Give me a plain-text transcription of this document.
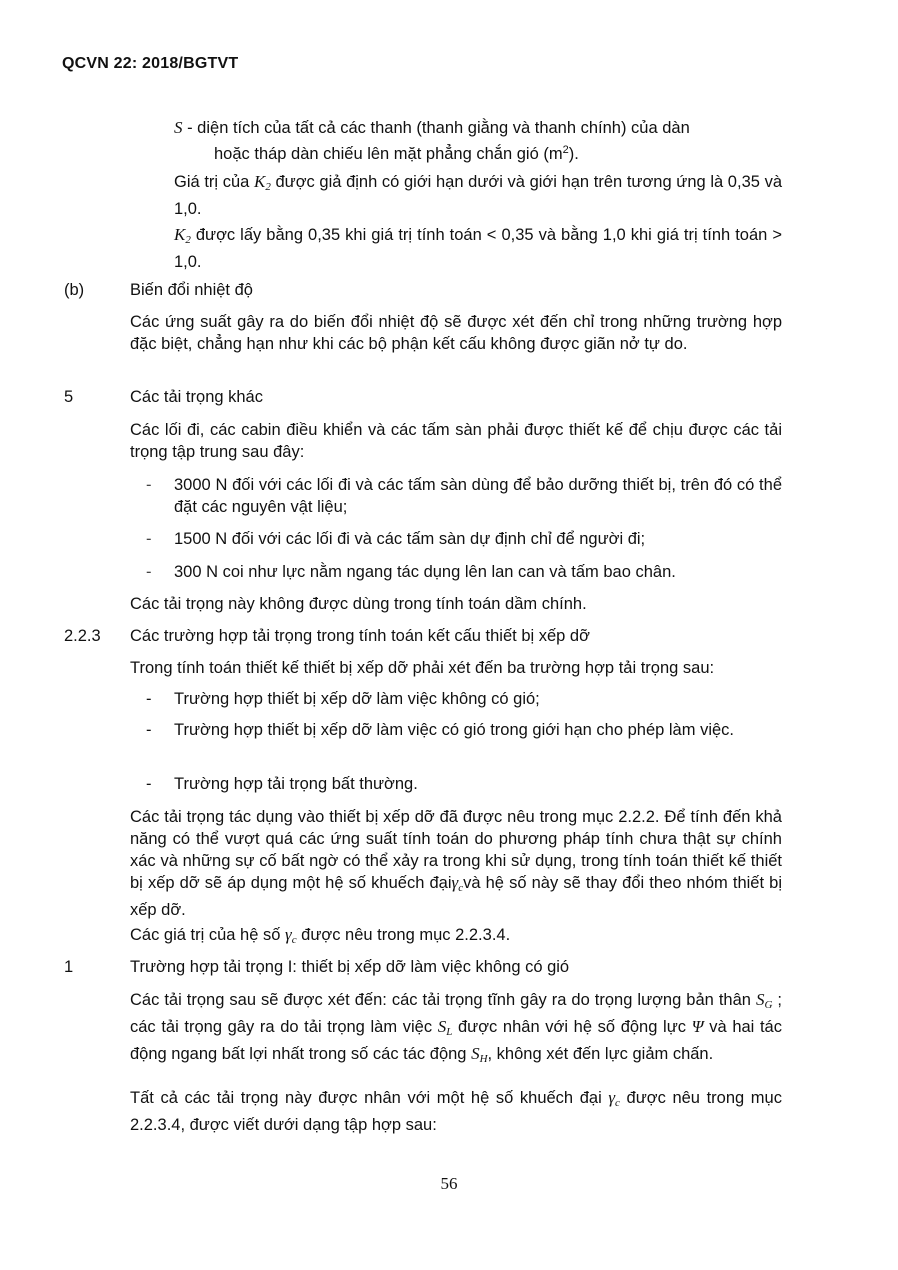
QCVN 22: 2018/BGTVT
S - diện tích của tất cả các thanh (thanh giằng và thanh chính) của dàn
hoặc tháp dàn chiếu lên mặt phẳng chắn gió $(m^2)$.
Giá trị của $K_2$ được giả định có giới hạn dưới và giới hạn trên tương ứng là 0,35 và 1,0.
$K_2$ được lấy bằng 0,35 khi giá trị tính toán < 0,35 và bằng 1,0 khi giá trị tính toán > 1,0.
(b)	Biến đổi nhiệt độ
Các ứng suất gây ra do biến đổi nhiệt độ sẽ được xét đến chỉ trong những trường hợp đặc biệt, chẳng hạn như khi các bộ phận kết cấu không được giãn nở tự do.
5	Các tải trọng khác
Các lối đi, các cabin điều khiển và các tấm sàn phải được thiết kế để chịu được các tải trọng tập trung sau đây:
- 3000 N đối với các lối đi và các tấm sàn dùng để bảo dưỡng thiết bị, trên đó có thể đặt các nguyên vật liệu;
- 1500 N đối với các lối đi và các tấm sàn dự định chỉ để người đi;
- 300 N coi như lực nằm ngang tác dụng lên lan can và tấm bao chân.
Các tải trọng này không được dùng trong tính toán dầm chính.
2.2.3 Các trường hợp tải trọng trong tính toán kết cấu thiết bị xếp dỡ
Trong tính toán thiết kế thiết bị xếp dỡ phải xét đến ba trường hợp tải trọng sau:
- Trường hợp thiết bị xếp dỡ làm việc không có gió;
- Trường hợp thiết bị xếp dỡ làm việc có gió trong giới hạn cho phép làm việc.
- Trường hợp tải trọng bất thường.
Các tải trọng tác dụng vào thiết bị xếp dỡ đã được nêu trong mục 2.2.2. Để tính đến khả năng có thể vượt quá các ứng suất tính toán do phương pháp tính chưa thật sự chính xác và những sự cố bất ngờ có thể xảy ra trong khi sử dụng, trong tính toán thiết kế thiết bị xếp dỡ sẽ áp dụng một hệ số khuếch đạiγ$_c$và hệ số này sẽ thay đổi theo nhóm thiết bị xếp dỡ.
Các giá trị của hệ số $\gamma_c$ được nêu trong mục 2.2.3.4.
1	Trường hợp tải trọng I: thiết bị xếp dỡ làm việc không có gió
Các tải trọng sau sẽ được xét đến: các tải trọng tĩnh gây ra do trọng lượng bản thân $S_G$ ; các tải trọng gây ra do tải trọng làm việc $S_L$ được nhân với hệ số động lực Ψ và hai tác động ngang bất lợi nhất trong số các tác động $S_H$, không xét đến lực giảm chấn.
Tất cả các tải trọng này được nhân với một hệ số khuếch đại $\gamma_c$ được nêu trong mục 2.2.3.4, được viết dưới dạng tập hợp sau:
56
